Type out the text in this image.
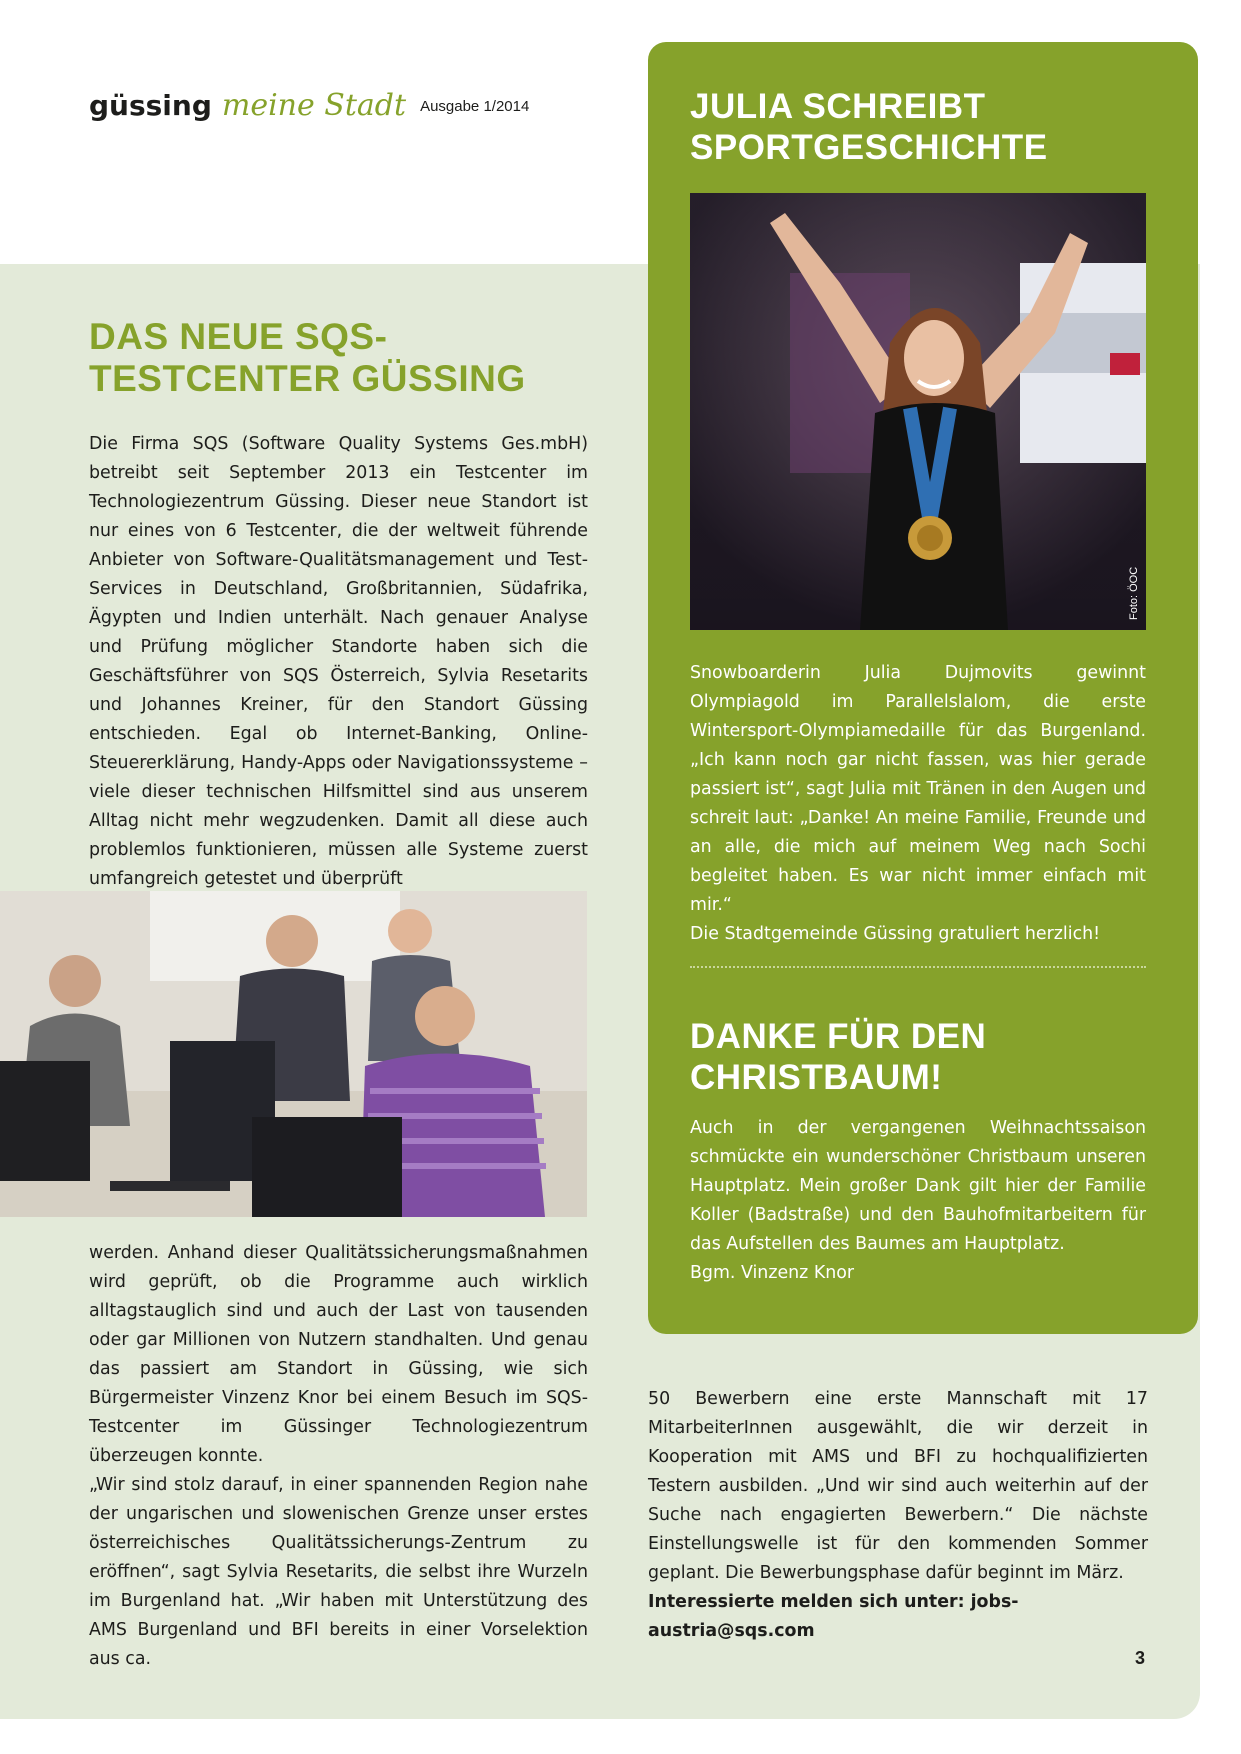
güssing meine Stadt Ausgabe 1/2014	JULIA SCHREIBT
SPORTGESCHICHTE
Foto: ÖOC

Snowboarderin Julia Dujmovits gewinnt Olympiagold im Parallelslalom, die erste Wintersport-Olympiamedaille für das Burgenland. „Ich kann noch gar nicht fassen, was hier gerade passiert ist“, sagt Julia mit Tränen in den Augen und schreit laut: „Danke! An meine Familie, Freunde und an alle, die mich auf meinem Weg nach Sochi begleitet haben. Es war nicht immer einfach mit mir.“

Die Stadtgemeinde Güssing gratuliert herzlich!

DANKE FÜR DEN
CHRISTBAUM!

Auch in der vergangenen Weihnachtssaison schmückte ein wunderschöner Christbaum unseren Hauptplatz. Mein großer Dank gilt hier der Familie Koller (Badstraße) und den Bauhofmitarbeitern für das Aufstellen des Baumes am Hauptplatz.

Bgm. Vinzenz Knor

DAS NEUE SQS-
TESTCENTER GÜSSING

Die Firma SQS (Software Quality Systems Ges.mbH) betreibt seit September 2013 ein Testcenter im Technologiezentrum Güssing. Dieser neue Standort ist nur eines von 6 Testcenter, die der weltweit führende Anbieter von Software-Qualitätsmanagement und Test-Services in Deutschland, Großbritannien, Südafrika, Ägypten und Indien unterhält. Nach genauer Analyse und Prüfung möglicher Standorte haben sich die Geschäftsführer von SQS Österreich, Sylvia Resetarits und Johannes Kreiner, für den Standort Güssing entschieden. Egal ob Internet-Banking, Online-Steuererklärung, Handy-Apps oder Navigationssysteme – viele dieser technischen Hilfsmittel sind aus unserem Alltag nicht mehr wegzudenken. Damit all diese auch problemlos funktionieren, müssen alle Systeme zuerst umfangreich getestet und überprüft

werden. Anhand dieser Qualitätssicherungsmaßnahmen wird geprüft, ob die Programme auch wirklich alltagstauglich sind und auch der Last von tausenden oder gar Millionen von Nutzern standhalten. Und genau das passiert am Standort in Güssing, wie sich Bürgermeister Vinzenz Knor bei einem Besuch im SQS-Testcenter im Güssinger Technologiezentrum überzeugen konnte.

„Wir sind stolz darauf, in einer spannenden Region nahe der ungarischen und slowenischen Grenze unser erstes österreichisches Qualitätssicherungs-Zentrum zu eröffnen“, sagt Sylvia Resetarits, die selbst ihre Wurzeln im Burgenland hat. „Wir haben mit Unterstützung des AMS Burgenland und BFI bereits in einer Vorselektion aus ca.

50 Bewerbern eine erste Mannschaft mit 17 MitarbeiterInnen ausgewählt, die wir derzeit in Kooperation mit AMS und BFI zu hochqualifizierten Testern ausbilden. „Und wir sind auch weiterhin auf der Suche nach engagierten Bewerbern.“ Die nächste Einstellungswelle ist für den kommenden Sommer geplant. Die Bewerbungsphase dafür beginnt im März.

Interessierte melden sich unter: jobs-austria@sqs.com

3
